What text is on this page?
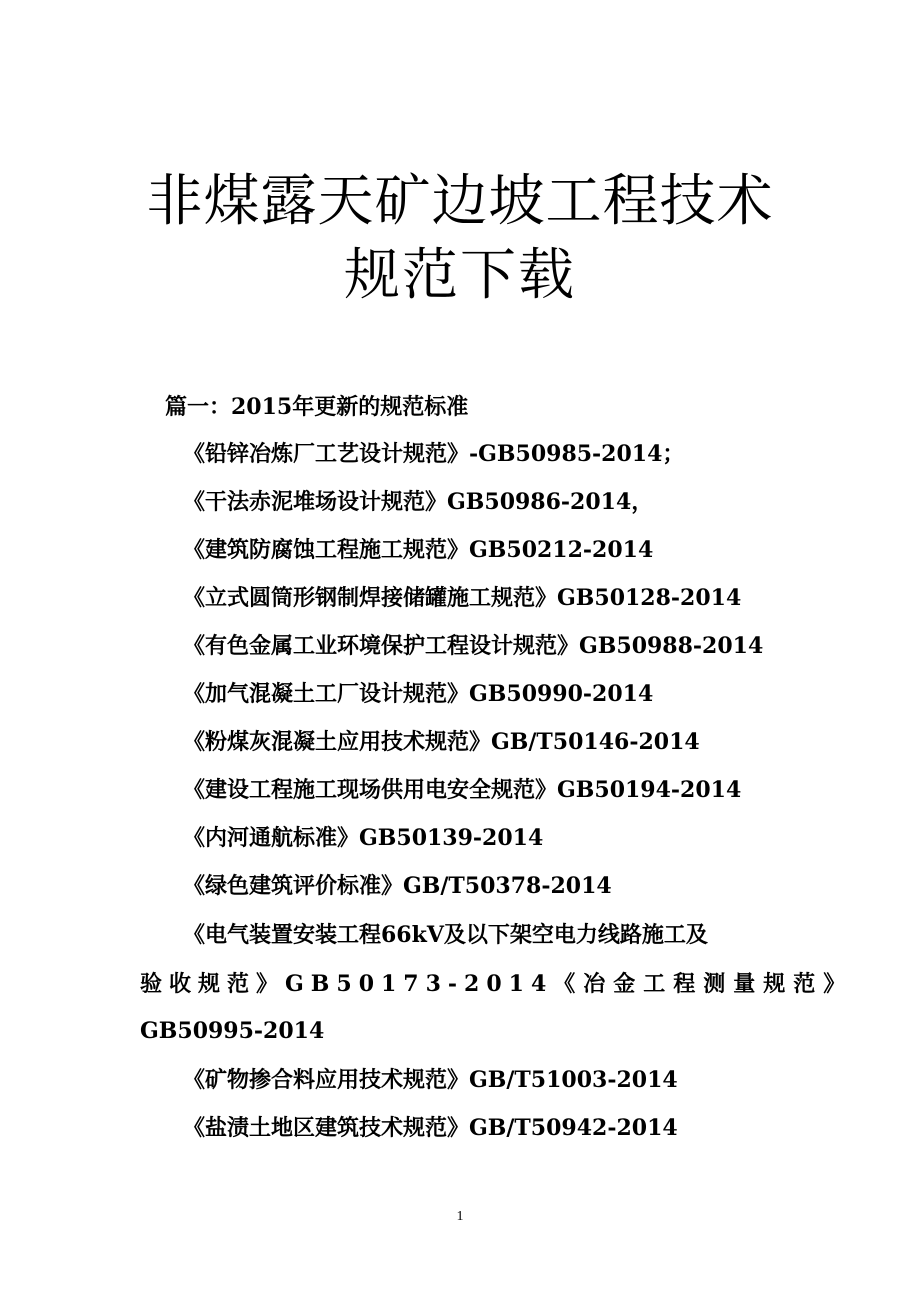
非煤露天矿边坡工程技术
规范下载
篇一：2015年更新的规范标准
《铅锌冶炼厂工艺设计规范》-GB50985-2014；
《干法赤泥堆场设计规范》GB50986-2014，
《建筑防腐蚀工程施工规范》GB50212-2014
《立式圆筒形钢制焊接储罐施工规范》GB50128-2014
《有色金属工业环境保护工程设计规范》GB50988-2014
《加气混凝土工厂设计规范》GB50990-2014
《粉煤灰混凝土应用技术规范》GB/T50146-2014
《建设工程施工现场供用电安全规范》GB50194-2014
《内河通航标准》GB50139-2014
《绿色建筑评价标准》GB/T50378-2014
《电气装置安装工程66kV及以下架空电力线路施工及
验收规范》GB50173-2014 《冶金工程测量规范》
GB50995-2014
《矿物掺合料应用技术规范》GB/T51003-2014
《盐渍土地区建筑技术规范》GB/T50942-2014
1
